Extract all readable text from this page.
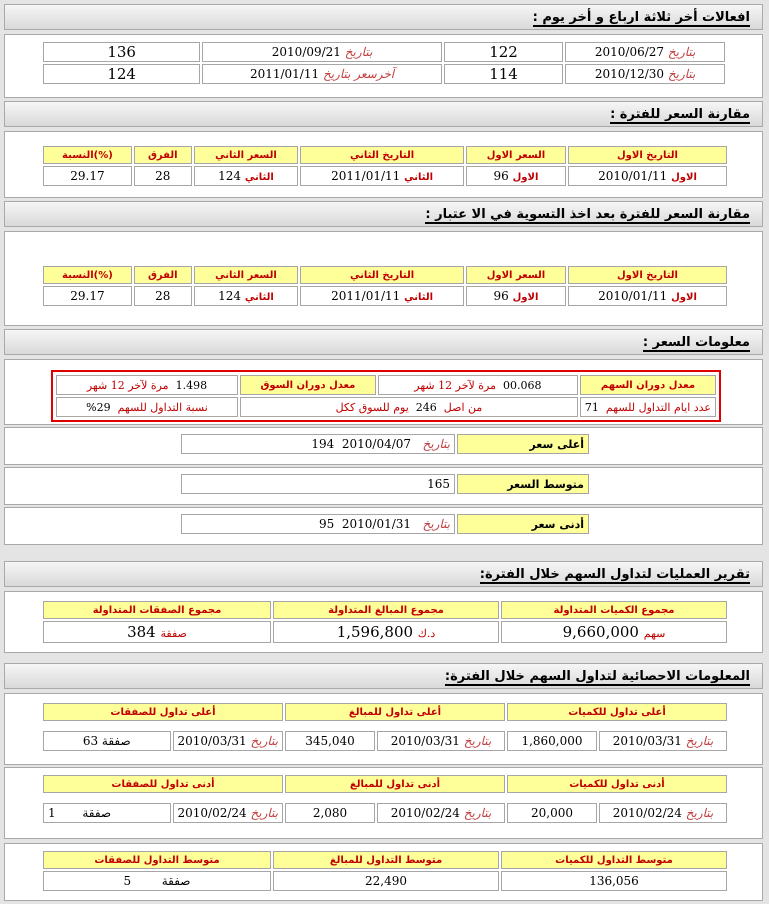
افعالات أخر ثلاثة ارباع و أخر يوم :
بتاريخ 2010/06/27	122	بتاريخ 2010/09/21	136
بتاريخ 2010/12/30	114	آخرسعر بتاريخ 2011/01/11	124
مقارنة السعر للفترة :
التاريخ الاول	السعر الاول	التاريخ الثاني	السعر الثاني	الفرق	(%)النسبة
الاول 2010/01/11	الاول 96	الثاني 2011/01/11	الثاني 124	28	29.17
مقارنة السعر للفترة بعد اخذ التسوية في الا عتبار :
التاريخ الاول	السعر الاول	التاريخ الثاني	السعر الثاني	الفرق	(%)النسبة
الاول 2010/01/11	الاول 96	الثاني 2011/01/11	الثاني 124	28	29.17
معلومات السعر :
معدل دوران السهم	00.068  مرة لآخر 12 شهر	معدل دوران السوق	1.498  مرة لآخر 12 شهر
عدد ايام التداول للسهم  71	من اصل  246  يوم للسوق ككل		نسبة التداول للسهم  29%
أعلى سعر	بتاريخ   2010/04/07  194
متوسط السعر	165
أدنى سعر	بتاريخ   2010/01/31  95
تقرير العمليات لتداول السهم خلال الفترة:
مجموع الكميات المتداولة	مجموع المبالغ المتداولة	مجموع الصفقات المتداولة
سهم 9,660,000	د.ك 1,596,800	صفقة 384
المعلومات الاحصائية لتداول السهم خلال الفترة:
أعلى تداول للكميات		أعلى تداول للمبالغ		أعلى تداول للصفقات	

بتاريخ 2010/03/31	1,860,000	بتاريخ 2010/03/31	345,040	بتاريخ 2010/03/31	صفقة 63
أدنى تداول للكميات		أدنى تداول للمبالغ		أدنى تداول للصفقات	

بتاريخ 2010/02/24	20,000	بتاريخ 2010/02/24	2,080	بتاريخ 2010/02/24	صفقة       1
متوسط التداول للكميات	متوسط التداول للمبالغ	متوسط التداول للصفقات
136,056	22,490	صفقة        5
